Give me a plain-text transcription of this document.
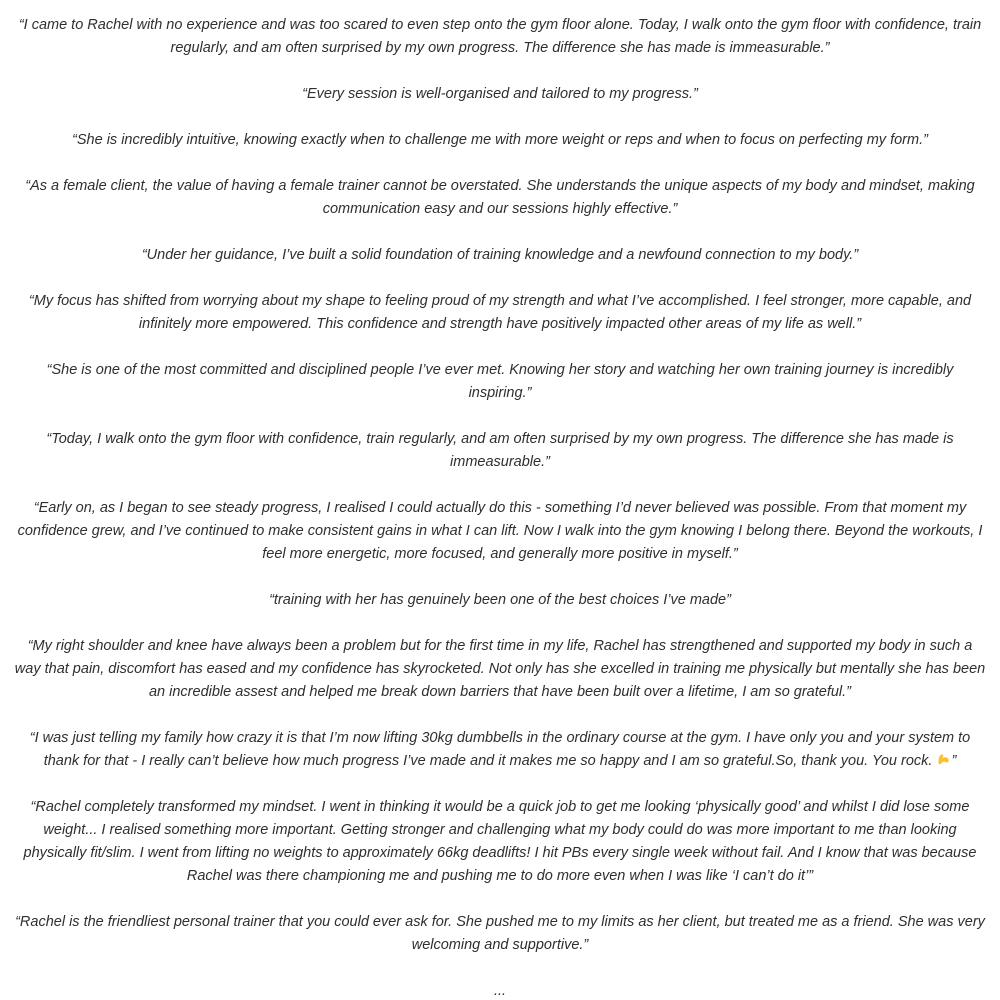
“I came to Rachel with no experience and was too scared to even step onto the gym floor alone. Today, I walk onto the gym floor with confidence, train regularly, and am often surprised by my own progress. The difference she has made is immeasurable.”

“Every session is well-organised and tailored to my progress.”

“She is incredibly intuitive, knowing exactly when to challenge me with more weight or reps and when to focus on perfecting my form.”

“As a female client, the value of having a female trainer cannot be overstated. She understands the unique aspects of my body and mindset, making communication easy and our sessions highly effective.”

“Under her guidance, I’ve built a solid foundation of training knowledge and a newfound connection to my body.”

“My focus has shifted from worrying about my shape to feeling proud of my strength and what I’ve accomplished. I feel stronger, more capable, and infinitely more empowered. This confidence and strength have positively impacted other areas of my life as well.”

“She is one of the most committed and disciplined people I’ve ever met. Knowing her story and watching her own training journey is incredibly inspiring.”

“Today, I walk onto the gym floor with confidence, train regularly, and am often surprised by my own progress. The difference she has made is immeasurable.”

“Early on, as I began to see steady progress, I realised I could actually do this - something I’d never believed was possible. From that moment my confidence grew, and I’ve continued to make consistent gains in what I can lift. Now I walk into the gym knowing I belong there. Beyond the workouts, I feel more energetic, more focused, and generally more positive in myself.”

“training with her has genuinely been one of the best choices I’ve made”

“My right shoulder and knee have always been a problem but for the first time in my life, Rachel has strengthened and supported my body in such a way that pain, discomfort has eased and my confidence has skyrocketed. Not only has she excelled in training me physically but mentally she has been an incredible assest and helped me break down barriers that have been built over a lifetime, I am so grateful.”

“I was just telling my family how crazy it is that I’m now lifting 30kg dumbbells in the ordinary course at the gym. I have only you and your system to thank for that - I really can’t believe how much progress I’ve made and it makes me so happy and I am so grateful.So, thank you. You rock. ”

“Rachel completely transformed my mindset. I went in thinking it would be a quick job to get me looking ‘physically good’ and whilst I did lose some weight... I realised something more important. Getting stronger and challenging what my body could do was more important to me than looking physically fit/slim. I went from lifting no weights to approximately 66kg deadlifts! I hit PBs every single week without fail. And I know that was because Rachel was there championing me and pushing me to do more even when I was like ‘I can’t do it’”

“Rachel is the friendliest personal trainer that you could ever ask for. She pushed me to my limits as her client, but treated me as a friend. She was very welcoming and supportive.”

...
